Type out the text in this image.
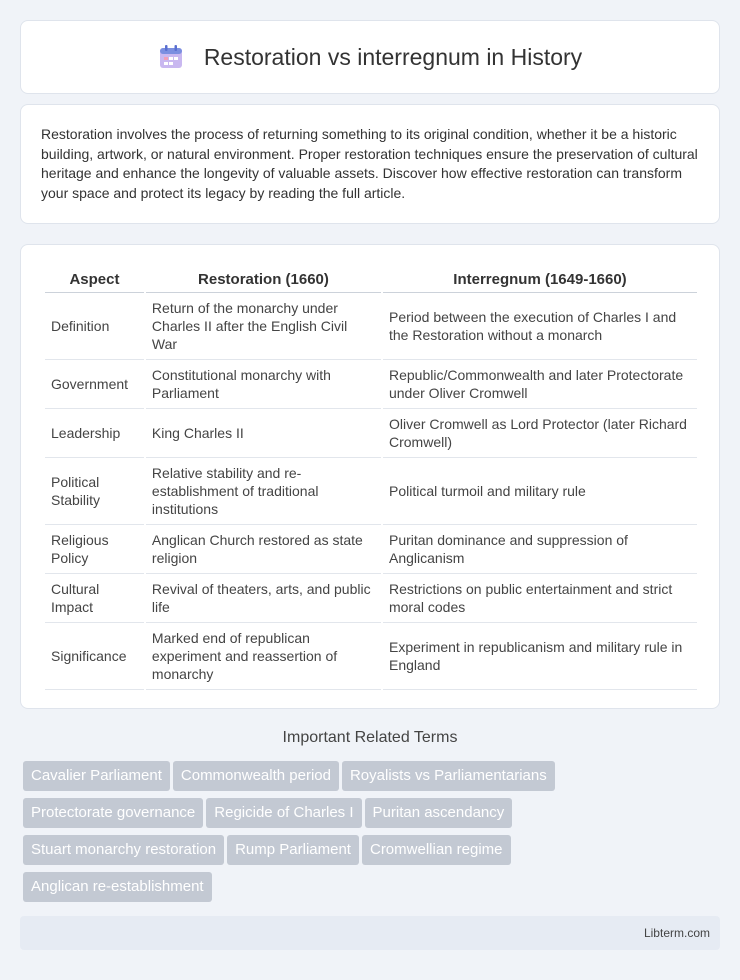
Restoration vs interregnum in History

Restoration involves the process of returning something to its original condition, whether it be a historic building, artwork, or natural environment. Proper restoration techniques ensure the preservation of cultural heritage and enhance the longevity of valuable assets. Discover how effective restoration can transform your space and protect its legacy by reading the full article.

Aspect	Restoration (1660)	Interregnum (1649-1660)
Definition	Return of the monarchy under Charles II after the English Civil War	Period between the execution of Charles I and the Restoration without a monarch
Government	Constitutional monarchy with Parliament	Republic/Commonwealth and later Protectorate under Oliver Cromwell
Leadership	King Charles II	Oliver Cromwell as Lord Protector (later Richard Cromwell)
Political Stability	Relative stability and re-establishment of traditional institutions	Political turmoil and military rule
Religious Policy	Anglican Church restored as state religion	Puritan dominance and suppression of Anglicanism
Cultural Impact	Revival of theaters, arts, and public life	Restrictions on public entertainment and strict moral codes
Significance	Marked end of republican experiment and reassertion of monarchy	Experiment in republicanism and military rule in England
Important Related Terms
Cavalier Parliament Commonwealth period Royalists vs Parliamentarians
Protectorate governance Regicide of Charles I Puritan ascendancy
Stuart monarchy restoration Rump Parliament Cromwellian regime
Anglican re-establishment
Libterm.com
